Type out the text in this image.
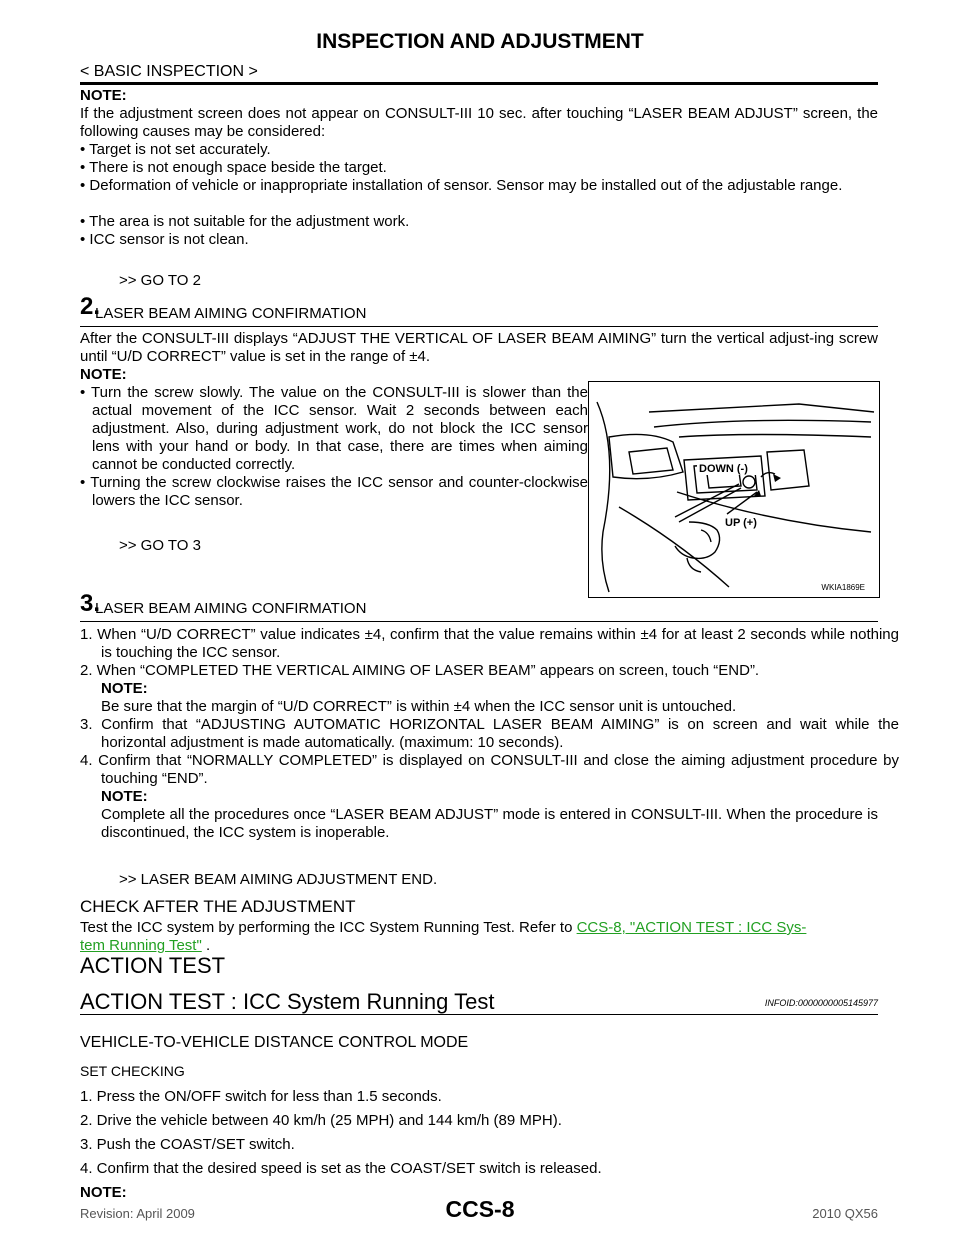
INSPECTION AND ADJUSTMENT
< BASIC INSPECTION >
NOTE:
If the adjustment screen does not appear on CONSULT-III 10 sec. after touching “LASER BEAM ADJUST” screen, the following causes may be considered:
• Target is not set accurately.
• There is not enough space beside the target.
• Deformation of vehicle or inappropriate installation of sensor. Sensor may be installed out of the adjustable range.
• The area is not suitable for the adjustment work.
• ICC sensor is not clean.
>> GO TO 2
2.
LASER BEAM AIMING CONFIRMATION
After the CONSULT-III displays “ADJUST THE VERTICAL OF LASER BEAM AIMING” turn the vertical adjust-ing screw until “U/D CORRECT” value is set in the range of ±4.
NOTE:
• Turn the screw slowly. The value on the CONSULT-III is slower than the actual movement of the ICC sensor. Wait 2 seconds between each adjustment. Also, during adjustment work, do not block the ICC sensor lens with your hand or body. In that case, there are times when aiming cannot be conducted correctly.
• Turning the screw clockwise raises the ICC sensor and counter-clockwise lowers the ICC sensor.
>> GO TO 3
DOWN (-)
UP (+)
WKIA1869E
3.
LASER BEAM AIMING CONFIRMATION
1. When “U/D CORRECT” value indicates ±4, confirm that the value remains within ±4 for at least 2 seconds while nothing is touching the ICC sensor.
2. When “COMPLETED THE VERTICAL AIMING OF LASER BEAM” appears on screen, touch “END”.
NOTE:
Be sure that the margin of “U/D CORRECT” is within ±4 when the ICC sensor unit is untouched.
3. Confirm that “ADJUSTING AUTOMATIC HORIZONTAL LASER BEAM AIMING” is on screen and wait while the horizontal adjustment is made automatically. (maximum: 10 seconds).
4. Confirm that “NORMALLY COMPLETED” is displayed on CONSULT-III and close the aiming adjustment procedure by touching “END”.
NOTE:
Complete all the procedures once “LASER BEAM ADJUST” mode is entered in CONSULT-III. When the procedure is discontinued, the ICC system is inoperable.
>> LASER BEAM AIMING ADJUSTMENT END.
CHECK AFTER THE ADJUSTMENT
Test the ICC system by performing the ICC System Running Test. Refer to CCS-8, "ACTION TEST : ICC Sys-
tem Running Test" .
ACTION TEST
ACTION TEST : ICC System Running Test	INFOID:0000000005145977
VEHICLE-TO-VEHICLE DISTANCE CONTROL MODE
SET CHECKING
1. Press the ON/OFF switch for less than 1.5 seconds.
2. Drive the vehicle between 40 km/h (25 MPH) and 144 km/h (89 MPH).
3. Push the COAST/SET switch.
4. Confirm that the desired speed is set as the COAST/SET switch is released.
NOTE:
Revision: April 2009	CCS-8	2010 QX56
